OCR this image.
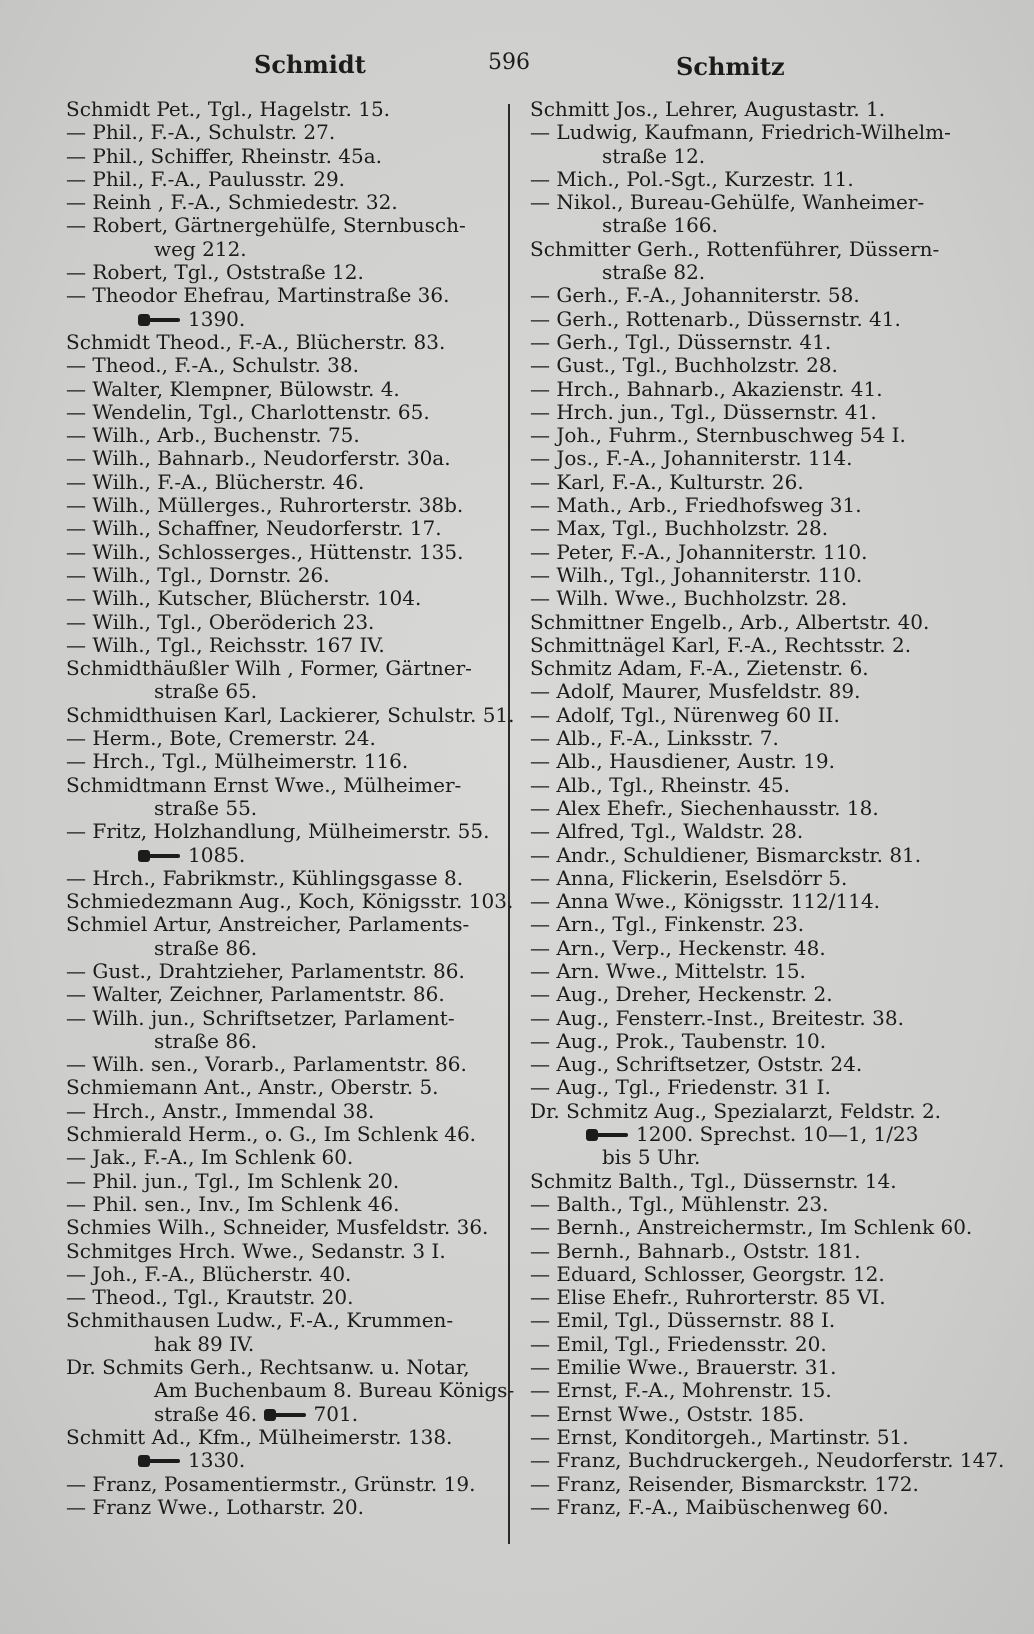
Schmidt	596	Schmitz
Schmidt Pet., Tgl., Hagelstr. 15.
— Phil., F.-A., Schulstr. 27.
— Phil., Schiffer, Rheinstr. 45a.
— Phil., F.-A., Paulusstr. 29.
— Reinh , F.-A., Schmiedestr. 32.
— Robert, Gärtnergehülfe, Sternbusch-
weg 212.
— Robert, Tgl., Oststraße 12.
— Theodor Ehefrau, Martinstraße 36.
1390.
Schmidt Theod., F.-A., Blücherstr. 83.
— Theod., F.-A., Schulstr. 38.
— Walter, Klempner, Bülowstr. 4.
— Wendelin, Tgl., Charlottenstr. 65.
— Wilh., Arb., Buchenstr. 75.
— Wilh., Bahnarb., Neudorferstr. 30a.
— Wilh., F.-A., Blücherstr. 46.
— Wilh., Müllerges., Ruhrorterstr. 38b.
— Wilh., Schaffner, Neudorferstr. 17.
— Wilh., Schlosserges., Hüttenstr. 135.
— Wilh., Tgl., Dornstr. 26.
— Wilh., Kutscher, Blücherstr. 104.
— Wilh., Tgl., Oberöderich 23.
— Wilh., Tgl., Reichsstr. 167 IV.
Schmidthäußler Wilh , Former, Gärtner-
straße 65.
Schmidthuisen Karl, Lackierer, Schulstr. 51.
— Herm., Bote, Cremerstr. 24.
— Hrch., Tgl., Mülheimerstr. 116.
Schmidtmann Ernst Wwe., Mülheimer-
straße 55.
— Fritz, Holzhandlung, Mülheimerstr. 55.
1085.
— Hrch., Fabrikmstr., Kühlingsgasse 8.
Schmiedezmann Aug., Koch, Königsstr. 103.
Schmiel Artur, Anstreicher, Parlaments-
straße 86.
— Gust., Drahtzieher, Parlamentstr. 86.
— Walter, Zeichner, Parlamentstr. 86.
— Wilh. jun., Schriftsetzer, Parlament-
straße 86.
— Wilh. sen., Vorarb., Parlamentstr. 86.
Schmiemann Ant., Anstr., Oberstr. 5.
— Hrch., Anstr., Immendal 38.
Schmierald Herm., o. G., Im Schlenk 46.
— Jak., F.-A., Im Schlenk 60.
— Phil. jun., Tgl., Im Schlenk 20.
— Phil. sen., Inv., Im Schlenk 46.
Schmies Wilh., Schneider, Musfeldstr. 36.
Schmitges Hrch. Wwe., Sedanstr. 3 I.
— Joh., F.-A., Blücherstr. 40.
— Theod., Tgl., Krautstr. 20.
Schmithausen Ludw., F.-A., Krummen-
hak 89 IV.
Dr. Schmits Gerh., Rechtsanw. u. Notar,
Am Buchenbaum 8. Bureau Königs-
straße 46.	701.
Schmitt Ad., Kfm., Mülheimerstr. 138.
1330.
— Franz, Posamentiermstr., Grünstr. 19.
— Franz Wwe., Lotharstr. 20.
Schmitt Jos., Lehrer, Augustastr. 1.
— Ludwig, Kaufmann, Friedrich-Wilhelm-
straße 12.
— Mich., Pol.-Sgt., Kurzestr. 11.
— Nikol., Bureau-Gehülfe, Wanheimer-
straße 166.
Schmitter Gerh., Rottenführer, Düssern-
straße 82.
— Gerh., F.-A., Johanniterstr. 58.
— Gerh., Rottenarb., Düssernstr. 41.
— Gerh., Tgl., Düssernstr. 41.
— Gust., Tgl., Buchholzstr. 28.
— Hrch., Bahnarb., Akazienstr. 41.
— Hrch. jun., Tgl., Düssernstr. 41.
— Joh., Fuhrm., Sternbuschweg 54 I.
— Jos., F.-A., Johanniterstr. 114.
— Karl, F.-A., Kulturstr. 26.
— Math., Arb., Friedhofsweg 31.
— Max, Tgl., Buchholzstr. 28.
— Peter, F.-A., Johanniterstr. 110.
— Wilh., Tgl., Johanniterstr. 110.
— Wilh. Wwe., Buchholzstr. 28.
Schmittner Engelb., Arb., Albertstr. 40.
Schmittnägel Karl, F.-A., Rechtsstr. 2.
Schmitz Adam, F.-A., Zietenstr. 6.
— Adolf, Maurer, Musfeldstr. 89.
— Adolf, Tgl., Nürenweg 60 II.
— Alb., F.-A., Linksstr. 7.
— Alb., Hausdiener, Austr. 19.
— Alb., Tgl., Rheinstr. 45.
— Alex Ehefr., Siechenhausstr. 18.
— Alfred, Tgl., Waldstr. 28.
— Andr., Schuldiener, Bismarckstr. 81.
— Anna, Flickerin, Eselsdörr 5.
— Anna Wwe., Königsstr. 112/114.
— Arn., Tgl., Finkenstr. 23.
— Arn., Verp., Heckenstr. 48.
— Arn. Wwe., Mittelstr. 15.
— Aug., Dreher, Heckenstr. 2.
— Aug., Fensterr.-Inst., Breitestr. 38.
— Aug., Prok., Taubenstr. 10.
— Aug., Schriftsetzer, Oststr. 24.
— Aug., Tgl., Friedenstr. 31 I.
Dr. Schmitz Aug., Spezialarzt, Feldstr. 2.
1200. Sprechst. 10—1, 1/23
bis 5 Uhr.
Schmitz Balth., Tgl., Düssernstr. 14.
— Balth., Tgl., Mühlenstr. 23.
— Bernh., Anstreichermstr., Im Schlenk 60.
— Bernh., Bahnarb., Oststr. 181.
— Eduard, Schlosser, Georgstr. 12.
— Elise Ehefr., Ruhrorterstr. 85 VI.
— Emil, Tgl., Düssernstr. 88 I.
— Emil, Tgl., Friedensstr. 20.
— Emilie Wwe., Brauerstr. 31.
— Ernst, F.-A., Mohrenstr. 15.
— Ernst Wwe., Oststr. 185.
— Ernst, Konditorgeh., Martinstr. 51.
— Franz, Buchdruckergeh., Neudorferstr. 147.
— Franz, Reisender, Bismarckstr. 172.
— Franz, F.-A., Maibüschenweg 60.
